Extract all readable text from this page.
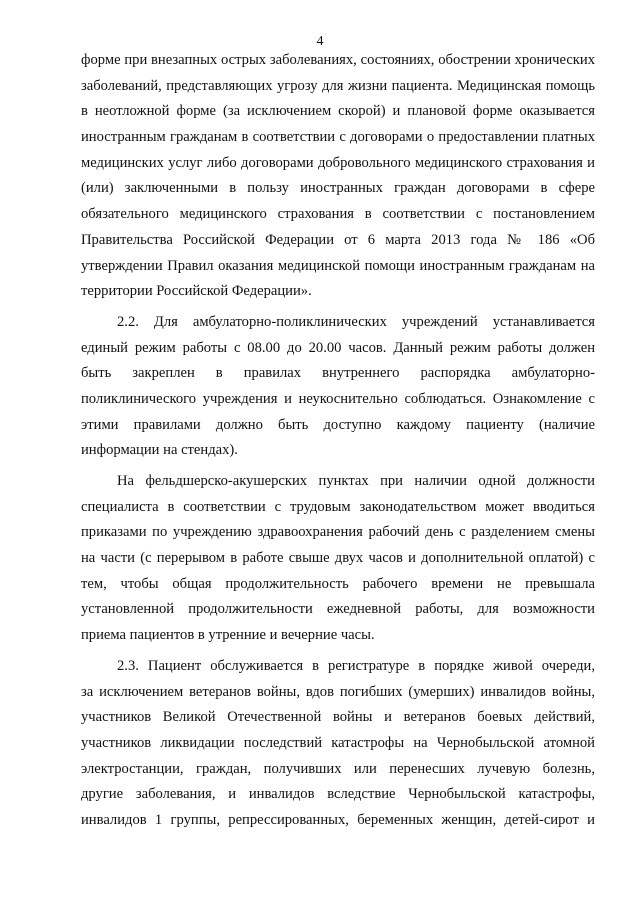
4
форме при внезапных острых заболеваниях, состояниях, обострении хронических
заболеваний, представляющих угрозу для жизни пациента. Медицинская помощь
в неотложной форме (за исключением скорой) и плановой форме оказывается
иностранным гражданам в соответствии с договорами о предоставлении платных
медицинских услуг либо договорами добровольного медицинского страхования и
(или) заключенными в пользу иностранных граждан договорами в сфере
обязательного медицинского страхования в соответствии с постановлением
Правительства Российской Федерации от 6 марта 2013 года № 186 «Об
утверждении Правил оказания медицинской помощи иностранным гражданам на
территории Российской Федерации».
2.2. Для амбулаторно-поликлинических учреждений устанавливается
единый режим работы с 08.00 до 20.00 часов. Данный режим работы должен
быть закреплен в правилах внутреннего распорядка амбулаторно-
поликлинического учреждения и неукоснительно соблюдаться. Ознакомление с
этими правилами должно быть доступно каждому пациенту (наличие
информации на стендах).
На фельдшерско-акушерских пунктах при наличии одной должности
специалиста в соответствии с трудовым законодательством может вводиться
приказами по учреждению здравоохранения рабочий день с разделением смены
на части (с перерывом в работе свыше двух часов и дополнительной оплатой) с
тем, чтобы общая продолжительность рабочего времени не превышала
установленной продолжительности ежедневной работы, для возможности
приема пациентов в утренние и вечерние часы.
2.3. Пациент обслуживается в регистратуре в порядке живой очереди,
за исключением ветеранов войны, вдов погибших (умерших) инвалидов войны,
участников Великой Отечественной войны и ветеранов боевых действий,
участников ликвидации последствий катастрофы на Чернобыльской атомной
электростанции, граждан, получивших или перенесших лучевую болезнь,
другие заболевания, и инвалидов вследствие Чернобыльской катастрофы,
инвалидов 1 группы, репрессированных, беременных женщин, детей-сирот и
